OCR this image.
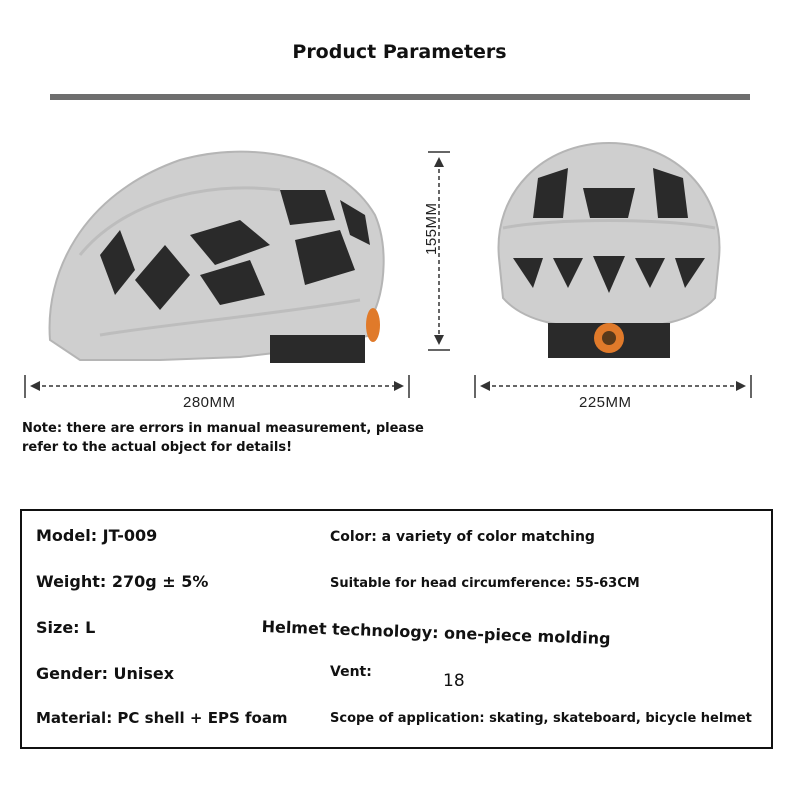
Product Parameters
280MM	225MM
155MM
Note: there are errors in manual measurement, please refer to the actual object for details!
Model: JT-009	Color: a variety of color matching
Weight: 270g ± 5%	Suitable for head circumference: 55-63CM
Size: L	Helmet technology: one-piece molding
Gender: Unisex	Vent:	18
Material: PC shell + EPS foam	Scope of application: skating, skateboard, bicycle helmet
